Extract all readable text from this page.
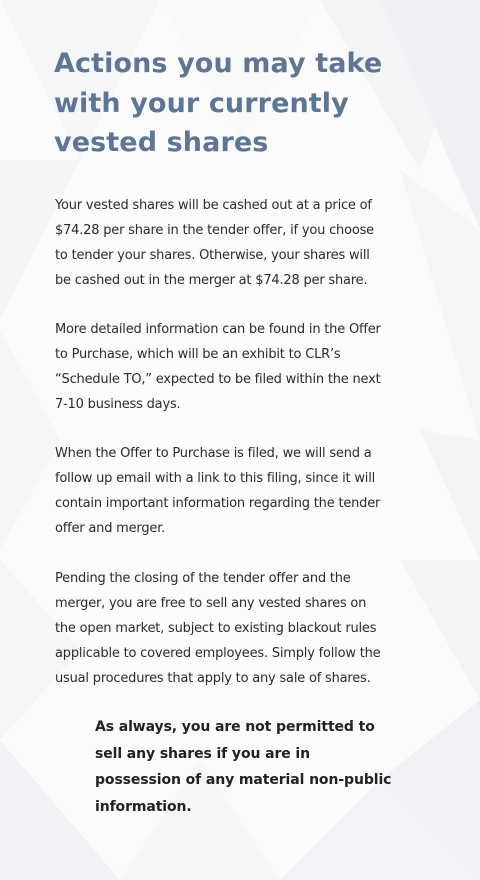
Actions you may take with your currently vested shares

Your vested shares will be cashed out at a price of $74.28 per share in the tender offer, if you choose to tender your shares. Otherwise, your shares will be cashed out in the merger at $74.28 per share.

More detailed information can be found in the Offer to Purchase, which will be an exhibit to CLR’s “Schedule TO,” expected to be filed within the next 7-10 business days.

When the Offer to Purchase is filed, we will send a follow up email with a link to this filing, since it will contain important information regarding the tender offer and merger.

Pending the closing of the tender offer and the merger, you are free to sell any vested shares on the open market, subject to existing blackout rules applicable to covered employees. Simply follow the usual procedures that apply to any sale of shares.

As always, you are not permitted to sell any shares if you are in possession of any material non-public information.
